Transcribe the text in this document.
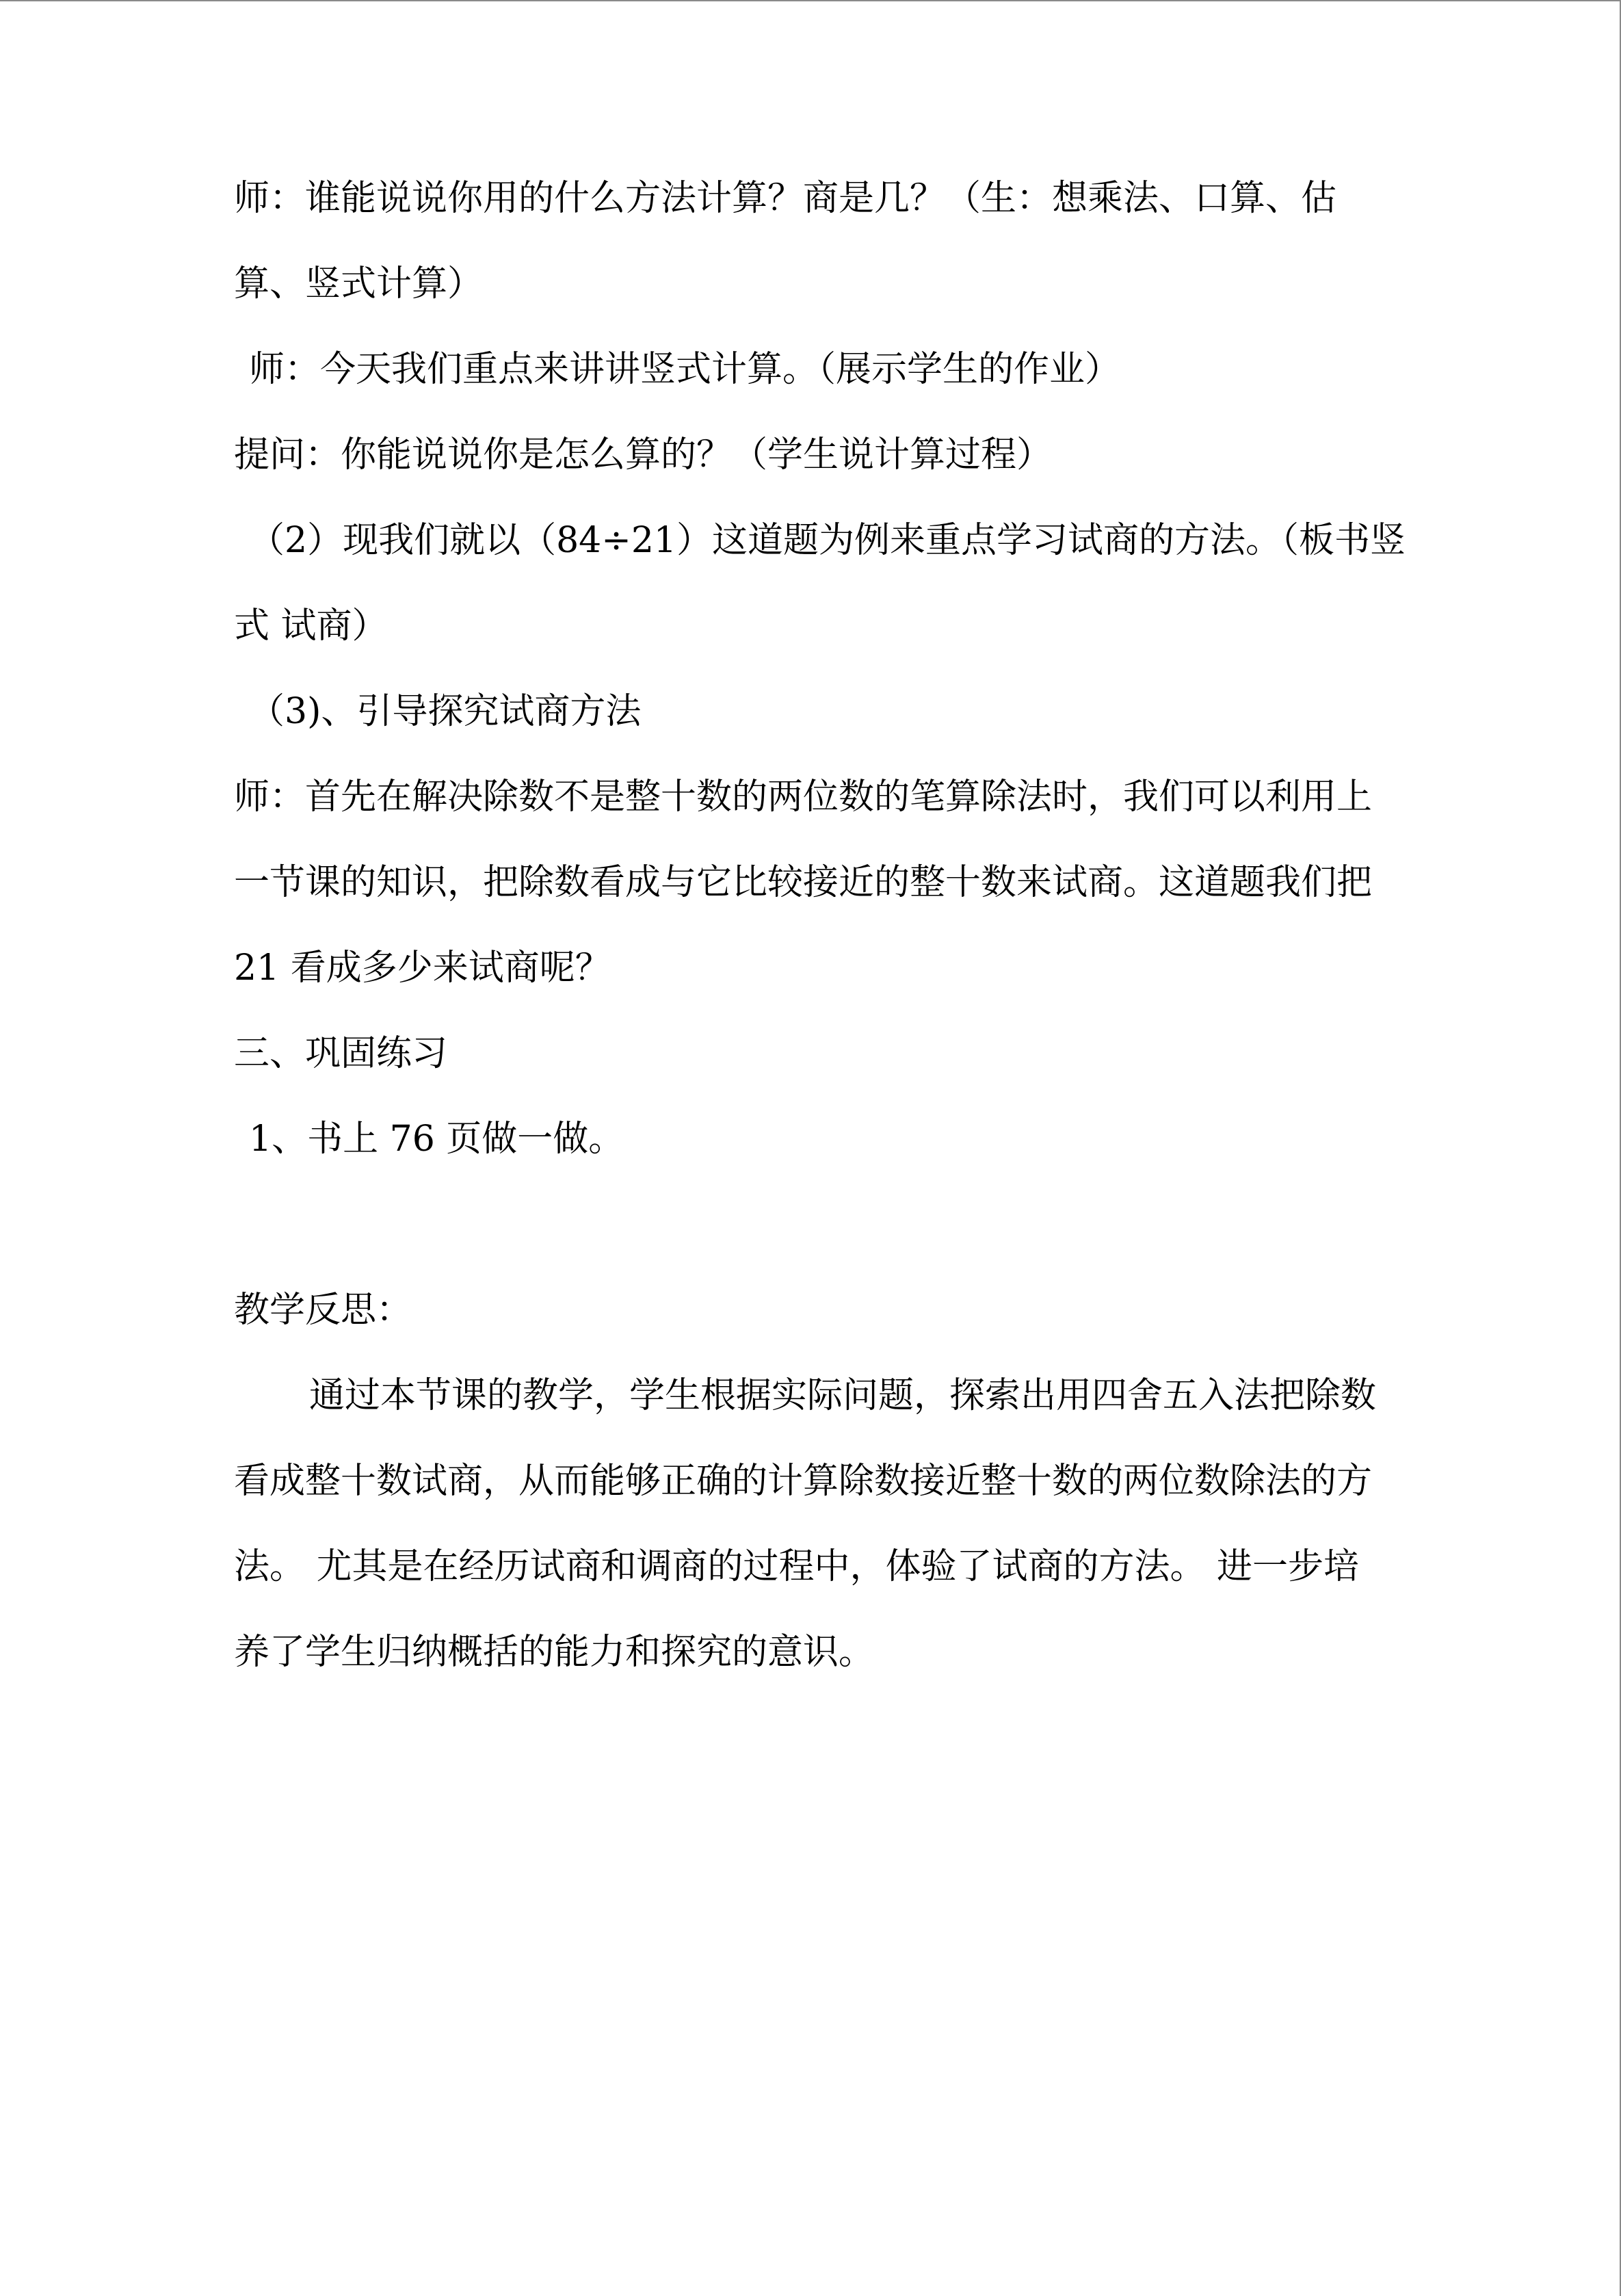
师：谁能说说你用的什么方法计算？商是几？（生：想乘法、口算、估

算、竖式计算）

师：今天我们重点来讲讲竖式计算。（展示学生的作业）

提问：你能说说你是怎么算的？（学生说计算过程）

（2）现我们就以（84÷21）这道题为例来重点学习试商的方法。（板书竖

式 试商）

（3)、引导探究试商方法

师：首先在解决除数不是整十数的两位数的笔算除法时，我们可以利用上

一节课的知识，把除数看成与它比较接近的整十数来试商。这道题我们把

21 看成多少来试商呢？

三、巩固练习

1、书上 76 页做一做。

教学反思：

通过本节课的教学，学生根据实际问题，探索出用四舍五入法把除数

看成整十数试商，从而能够正确的计算除数接近整十数的两位数除法的方

法。 尤其是在经历试商和调商的过程中，体验了试商的方法。 进一步培

养了学生归纳概括的能力和探究的意识。
